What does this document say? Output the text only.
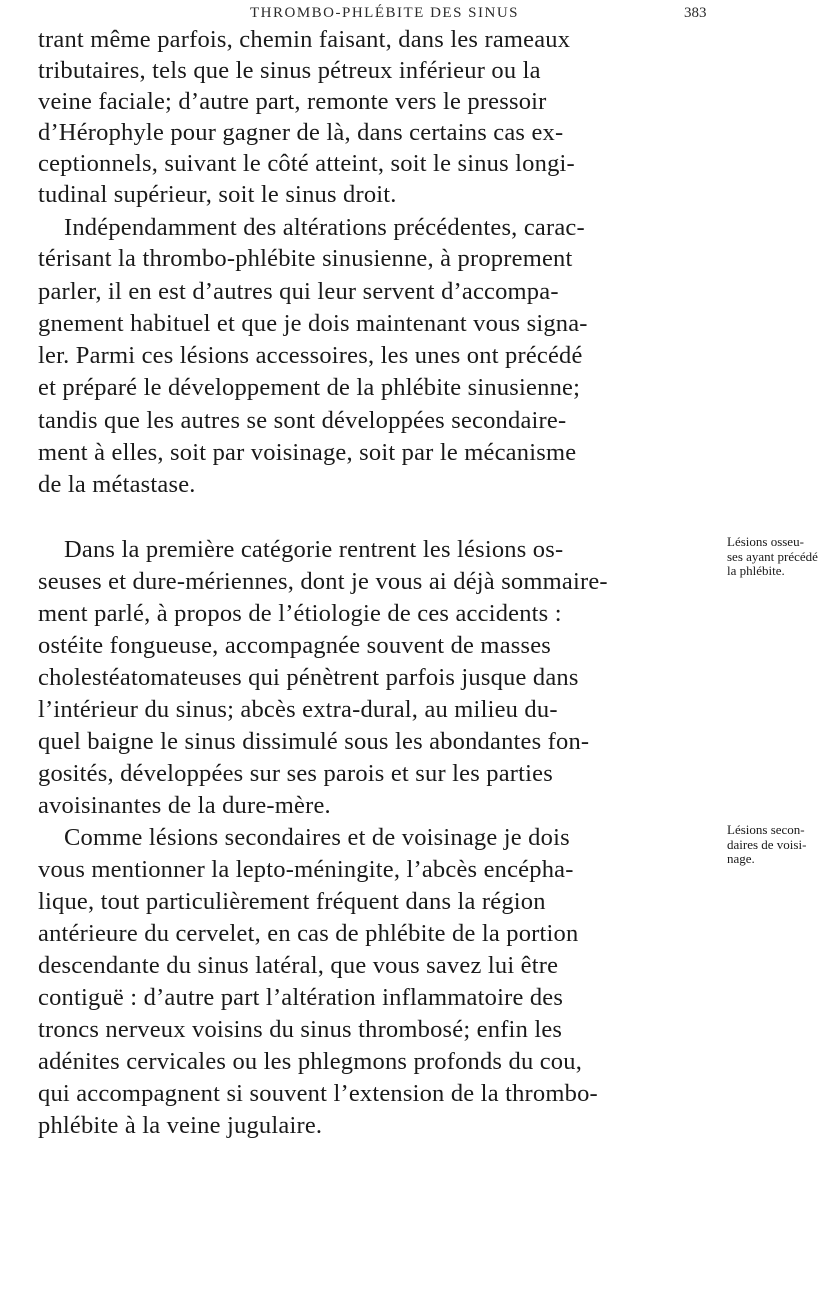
THROMBO-PHLÉBITE DES SINUS	383
trant même parfois, chemin faisant, dans les rameaux
tributaires, tels que le sinus pétreux inférieur ou la
veine faciale; d’autre part, remonte vers le pressoir
d’Hérophyle pour gagner de là, dans certains cas ex-
ceptionnels, suivant le côté atteint, soit le sinus longi-
tudinal supérieur, soit le sinus droit.
Indépendamment des altérations précédentes, carac-
térisant la thrombo-phlébite sinusienne, à proprement
parler, il en est d’autres qui leur servent d’accompa-
gnement habituel et que je dois maintenant vous signa-
ler. Parmi ces lésions accessoires, les unes ont précédé
et préparé le développement de la phlébite sinusienne;
tandis que les autres se sont développées secondaire-
ment à elles, soit par voisinage, soit par le mécanisme
de la métastase.
Dans la première catégorie rentrent les lésions os-
seuses et dure-mériennes, dont je vous ai déjà sommaire-
ment parlé, à propos de l’étiologie de ces accidents :
ostéite fongueuse, accompagnée souvent de masses
cholestéatomateuses qui pénètrent parfois jusque dans
l’intérieur du sinus; abcès extra-dural, au milieu du-
quel baigne le sinus dissimulé sous les abondantes fon-
gosités, développées sur ses parois et sur les parties
avoisinantes de la dure-mère.
Comme lésions secondaires et de voisinage je dois
vous mentionner la lepto-méningite, l’abcès encépha-
lique, tout particulièrement fréquent dans la région
antérieure du cervelet, en cas de phlébite de la portion
descendante du sinus latéral, que vous savez lui être
contiguë : d’autre part l’altération inflammatoire des
troncs nerveux voisins du sinus thrombosé; enfin les
adénites cervicales ou les phlegmons profonds du cou,
qui accompagnent si souvent l’extension de la thrombo-
phlébite à la veine jugulaire.
Lésions osseu-
ses ayant précédé
la phlébite.
Lésions secon-
daires de voisi-
nage.
